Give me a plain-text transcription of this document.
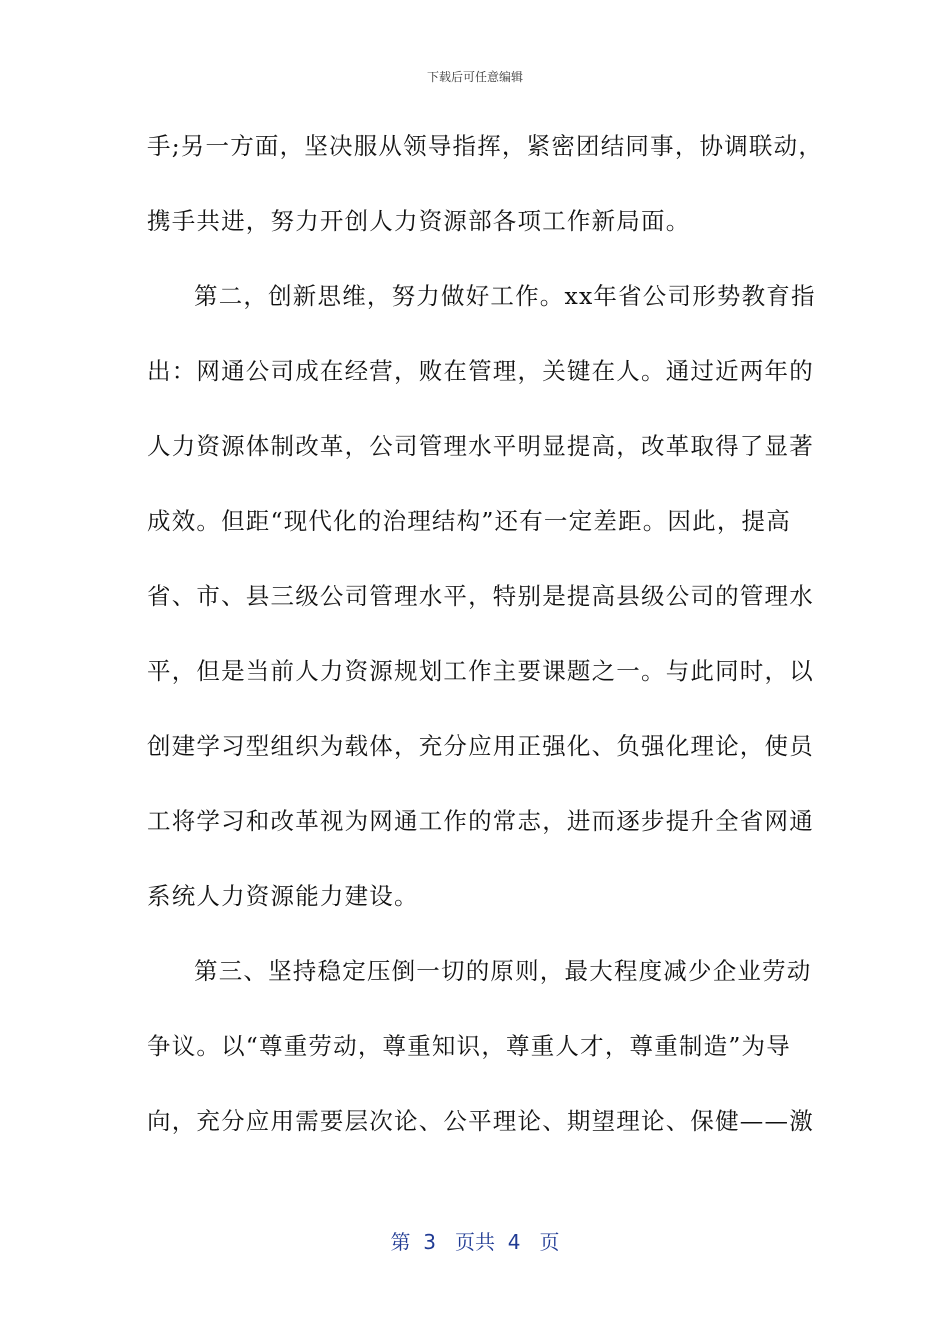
下载后可任意编辑
手;另一方面，坚决服从领导指挥，紧密团结同事，协调联动，
携手共进，努力开创人力资源部各项工作新局面。
第二，创新思维，努力做好工作。xx年省公司形势教育指
出：网通公司成在经营，败在管理，关键在人。通过近两年的
人力资源体制改革，公司管理水平明显提高，改革取得了显著
成效。但距“现代化的治理结构”还有一定差距。因此，提高
省、市、县三级公司管理水平，特别是提高县级公司的管理水
平，但是当前人力资源规划工作主要课题之一。与此同时，以
创建学习型组织为载体，充分应用正强化、负强化理论，使员
工将学习和改革视为网通工作的常志，进而逐步提升全省网通
系统人力资源能力建设。
第三、坚持稳定压倒一切的原则，最大程度减少企业劳动
争议。以“尊重劳动，尊重知识，尊重人才，尊重制造”为导
向，充分应用需要层次论、公平理论、期望理论、保健——激
第 3 页共 4 页
